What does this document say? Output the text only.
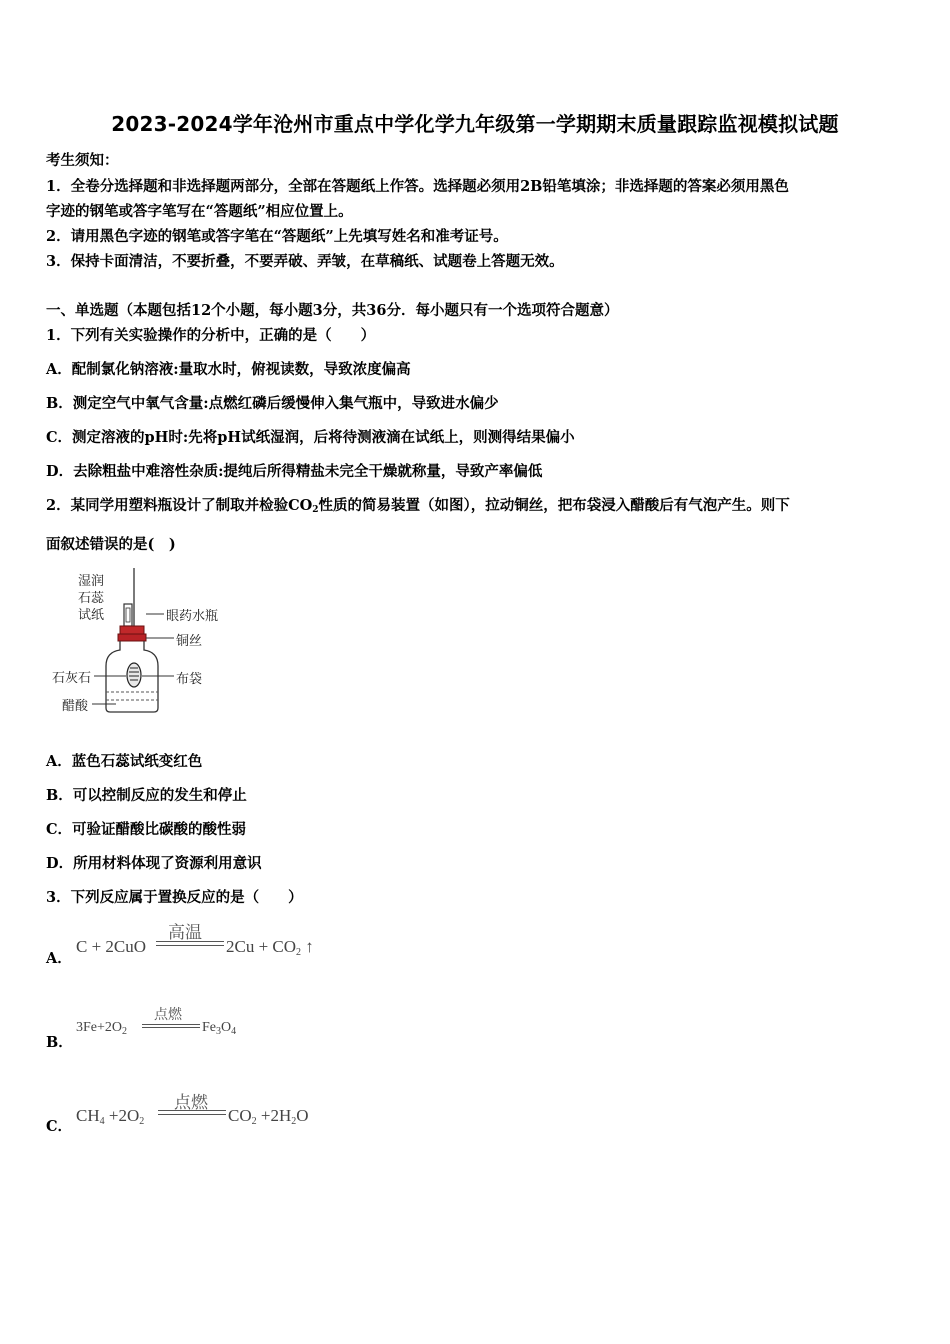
2023-2024学年沧州市重点中学化学九年级第一学期期末质量跟踪监视模拟试题
考生须知：
1．全卷分选择题和非选择题两部分，全部在答题纸上作答。选择题必须用2B铅笔填涂；非选择题的答案必须用黑色
字迹的钢笔或答字笔写在“答题纸”相应位置上。
2．请用黑色字迹的钢笔或答字笔在“答题纸”上先填写姓名和准考证号。
3．保持卡面清洁，不要折叠，不要弄破、弄皱，在草稿纸、试题卷上答题无效。
一、单选题（本题包括12个小题，每小题3分，共36分．每小题只有一个选项符合题意）
1．下列有关实验操作的分析中，正确的是（　　）
A．配制氯化钠溶液:量取水时，俯视读数，导致浓度偏高
B．测定空气中氧气含量:点燃红磷后缓慢伸入集气瓶中，导致进水偏少
C．测定溶液的pH时:先将pH试纸湿润，后将待测液滴在试纸上，则测得结果偏小
D．去除粗盐中难溶性杂质:提纯后所得精盐未完全干燥就称量，导致产率偏低
2．某同学用塑料瓶设计了制取并检验$CO_2$性质的简易装置（如图），拉动铜丝，把布袋浸入醋酸后有气泡产生。则下
面叙述错误的是(　)
湿润
石蕊
试纸	眼药水瓶
铜丝
石灰石	布袋
醋酸
A．蓝色石蕊试纸变红色
B．可以控制反应的发生和停止
C．可验证醋酸比碳酸的酸性弱
D．所用材料体现了资源利用意识
3．下列反应属于置换反应的是（　　）
A．
C + 2CuO
高温
$2Cu + CO_2$ ↑
B．
$3Fe+2O_2$
点燃
$Fe_3O_4$
C．
$CH_4 +2O_2$
点燃
$CO_2 +2H_2O$
